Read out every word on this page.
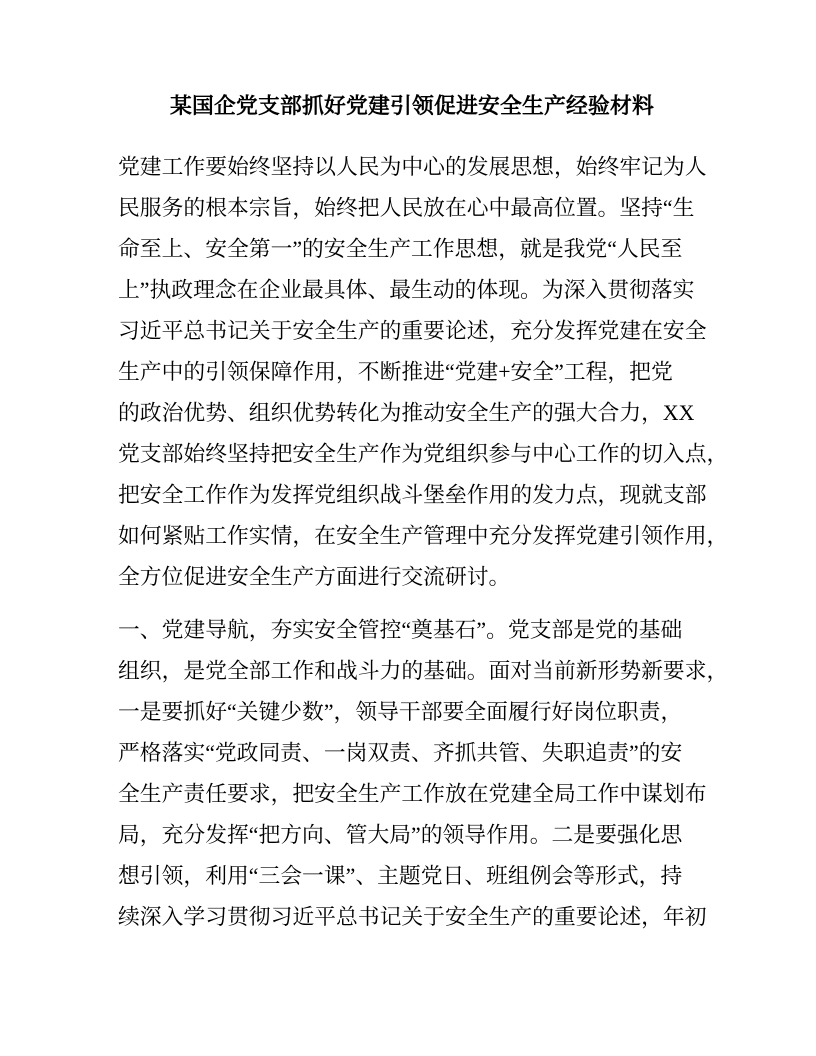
某国企党支部抓好党建引领促进安全生产经验材料
党建工作要始终坚持以人民为中心的发展思想，始终牢记为人
民服务的根本宗旨，始终把人民放在心中最高位置。坚持“生
命至上、安全第一”的安全生产工作思想，就是我党“人民至
上”执政理念在企业最具体、最生动的体现。为深入贯彻落实
习近平总书记关于安全生产的重要论述，充分发挥党建在安全
生产中的引领保障作用，不断推进“党建+安全”工程，把党
的政治优势、组织优势转化为推动安全生产的强大合力，XX
党支部始终坚持把安全生产作为党组织参与中心工作的切入点，
把安全工作作为发挥党组织战斗堡垒作用的发力点，现就支部
如何紧贴工作实情，在安全生产管理中充分发挥党建引领作用，
全方位促进安全生产方面进行交流研讨。
一、党建导航，夯实安全管控“奠基石”。党支部是党的基础
组织，是党全部工作和战斗力的基础。面对当前新形势新要求，
一是要抓好“关键少数”，领导干部要全面履行好岗位职责，
严格落实“党政同责、一岗双责、齐抓共管、失职追责”的安
全生产责任要求，把安全生产工作放在党建全局工作中谋划布
局，充分发挥“把方向、管大局”的领导作用。二是要强化思
想引领，利用“三会一课”、主题党日、班组例会等形式，持
续深入学习贯彻习近平总书记关于安全生产的重要论述，年初
